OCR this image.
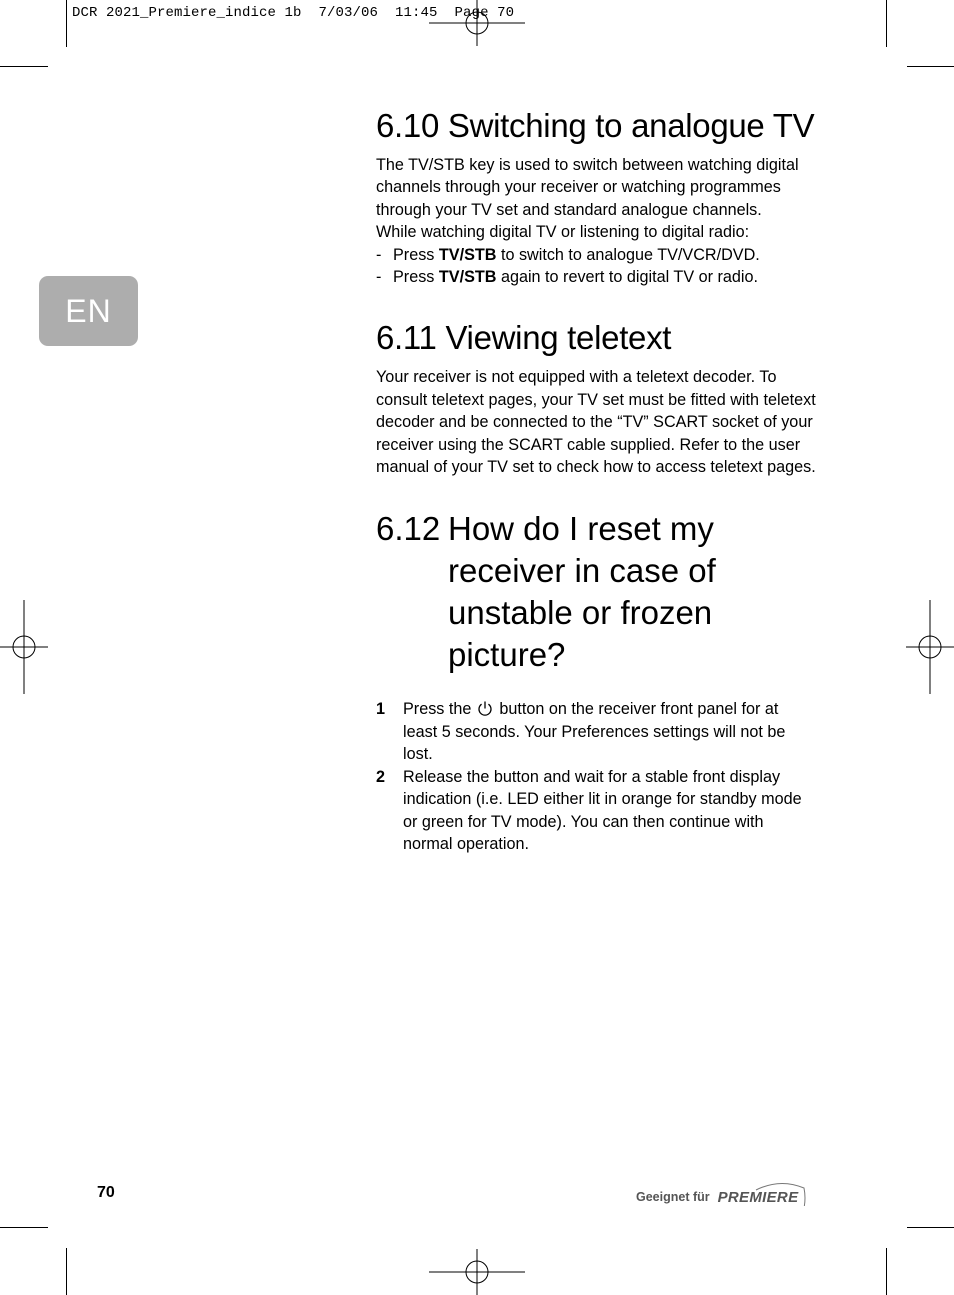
DCR 2021_Premiere_indice 1b  7/03/06  11:45  Page 70
EN
6.10 Switching to analogue TV
The TV/STB key is used to switch between watching digital channels through your receiver or watching programmes through your TV set and standard analogue channels.
While watching digital TV or listening to digital radio:
- Press TV/STB to switch to analogue TV/VCR/DVD.
- Press TV/STB again to revert to digital TV or radio.
6.11 Viewing teletext
Your receiver is not equipped with a teletext decoder. To consult teletext pages, your TV set must be fitted with teletext decoder and be connected to the “TV” SCART socket of your receiver using the SCART cable supplied. Refer to the user manual of your TV set to check how to access teletext pages.
6.12 How do I reset my
receiver in case of
unstable or frozen
picture?
1	Press the button on the receiver front panel for at least 5 seconds. Your Preferences settings will not be lost.
2	Release the button and wait for a stable front display indication (i.e. LED either lit in orange for standby mode or green for TV mode). You can then continue with normal operation.
70	Geeignet für PREMIERE
